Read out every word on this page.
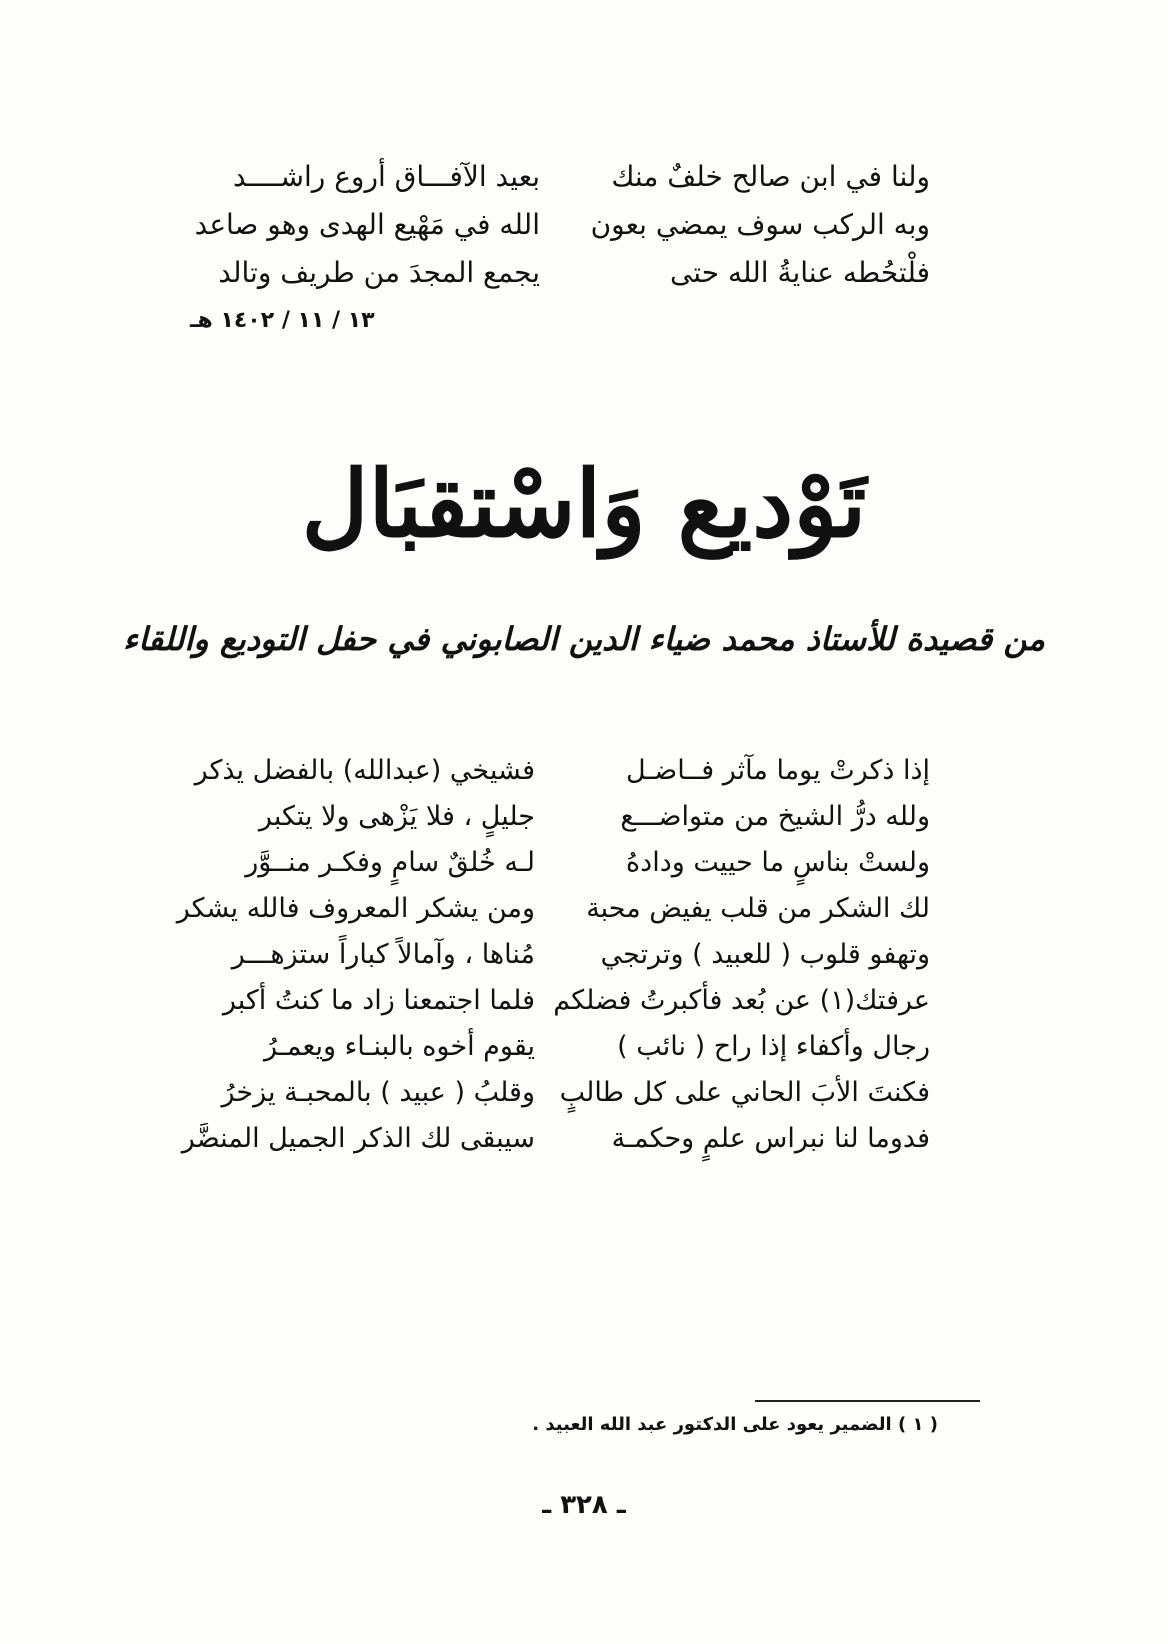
ولنا في ابن صالح خلفٌ منك
بعيد الآفـــاق أروع راشــــد
وبه الركب سوف يمضي بعون
الله في مَهْيع الهدى وهو صاعد
فلْتحُطه عنايةُ الله حتى
يجمع المجدَ من طريف وتالد
١٣ / ١١ / ١٤٠٢ هـ
تَوْديع وَاسْتقبَال
من قصيدة للأستاذ محمد ضياء الدين الصابوني في حفل التوديع واللقاء
إذا ذكرتْ يوما مآثر فــاضـل
فشيخي (عبدالله) بالفضل يذكر
ولله درُّ الشيخ من متواضـــع
جليلٍ ، فلا يَزْهى ولا يتكبر
ولستْ بناسٍ ما حييت ودادهُ
لـه خُلقٌ سامٍ وفكـر منــوَّر
لك الشكر من قلب يفيض محبة
ومن يشكر المعروف فالله يشكر
وتهفو قلوب ( للعبيد ) وترتجي
مُناها ، وآمالاً كباراً ستزهـــر
عرفتك(١) عن بُعد فأكبرتُ فضلكم
فلما اجتمعنا زاد ما كنتُ أكبر
رجال وأكفاء إذا راح ( نائب )
يقوم أخوه بالبنـاء ويعمـرُ
فكنتَ الأبَ الحاني على كل طالبٍ
وقلبُ ( عبيد ) بالمحبـة يزخرُ
فدوما لنا نبراس علمٍ وحكمـة
سيبقى لك الذكر الجميل المنضَّر
( ١ ) الضمير يعود على الدكتور عبد الله العبيد .
ـ ٣٢٨ ـ
